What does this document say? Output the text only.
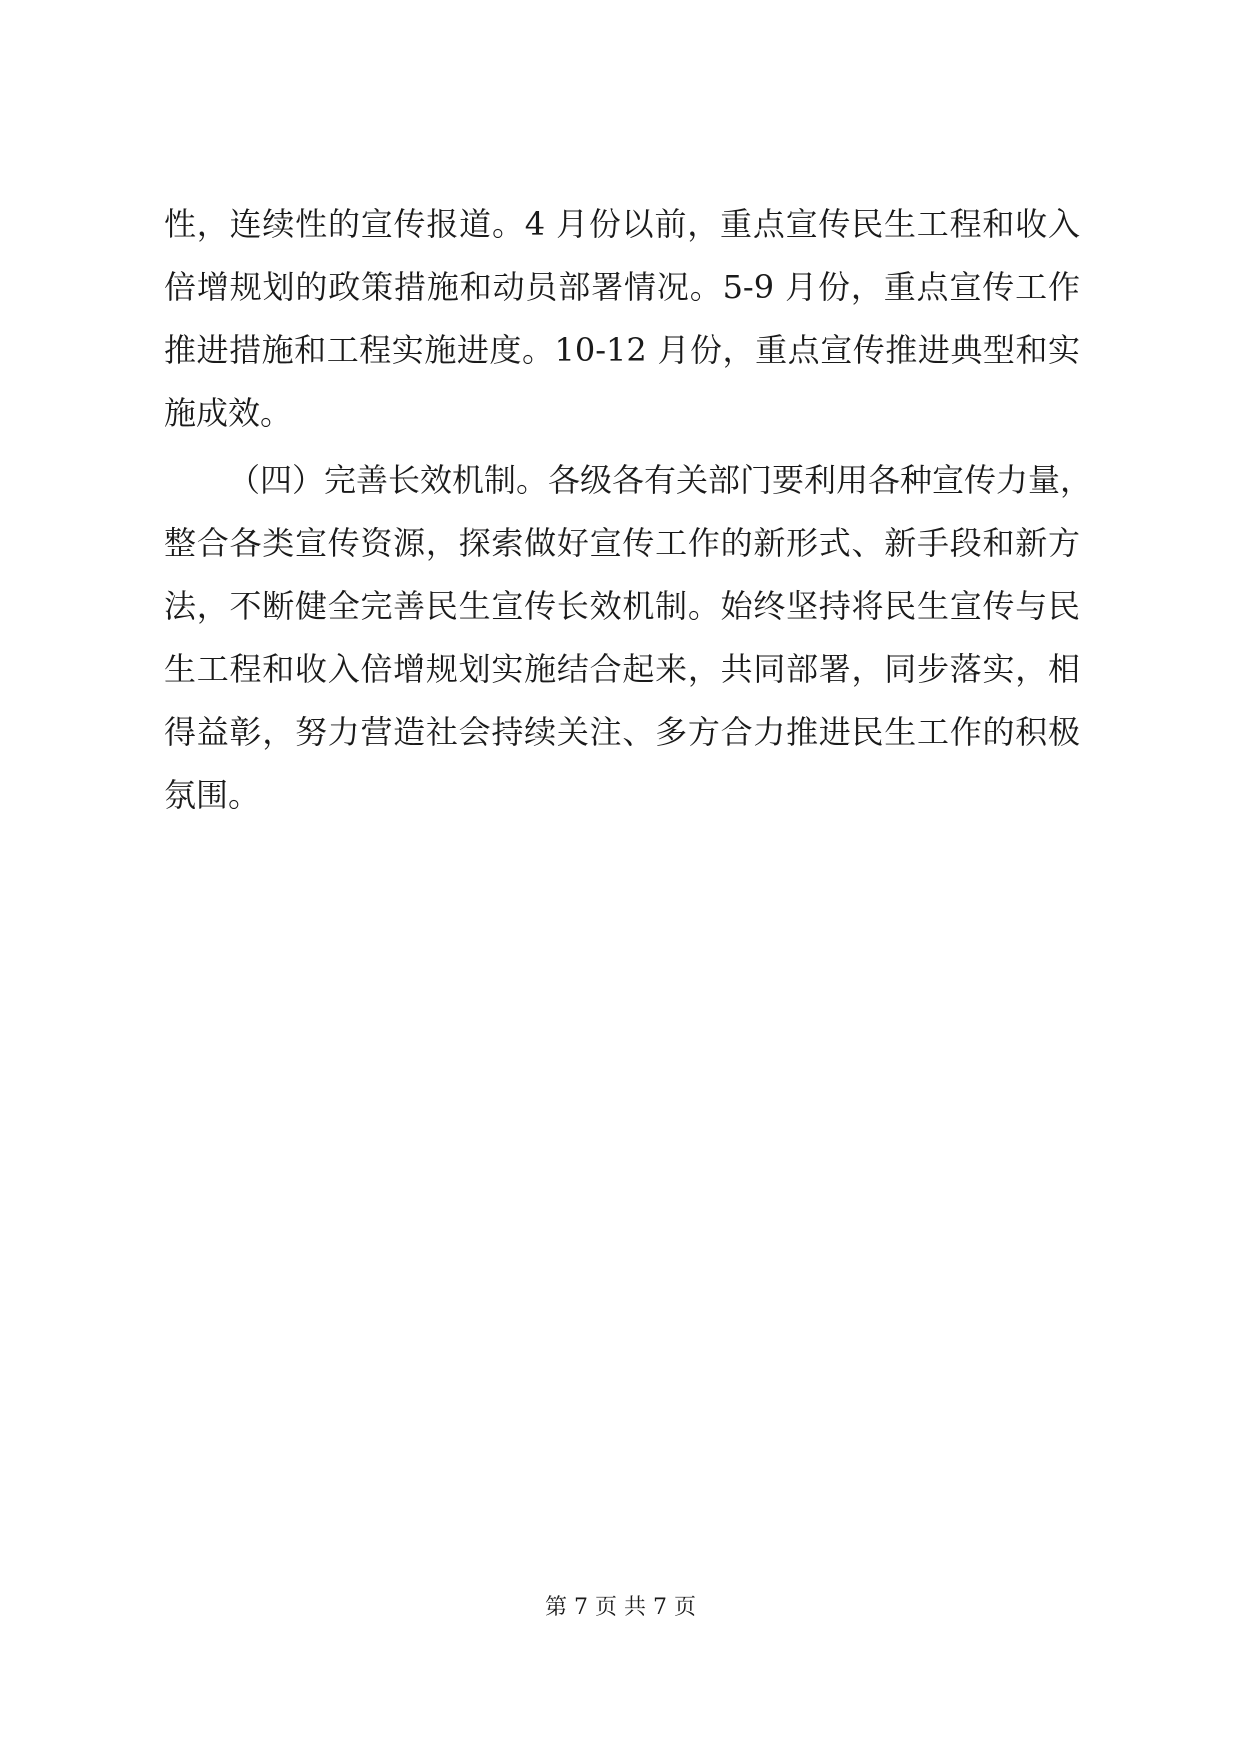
性，连续性的宣传报道。4 月份以前，重点宣传民生工程和收入
倍增规划的政策措施和动员部署情况。5-9 月份，重点宣传工作
推进措施和工程实施进度。10-12 月份，重点宣传推进典型和实
施成效。
（四）完善长效机制。各级各有关部门要利用各种宣传力量，
整合各类宣传资源，探索做好宣传工作的新形式、新手段和新方
法，不断健全完善民生宣传长效机制。始终坚持将民生宣传与民
生工程和收入倍增规划实施结合起来，共同部署，同步落实，相
得益彰，努力营造社会持续关注、多方合力推进民生工作的积极
氛围。
第 7 页 共 7 页
